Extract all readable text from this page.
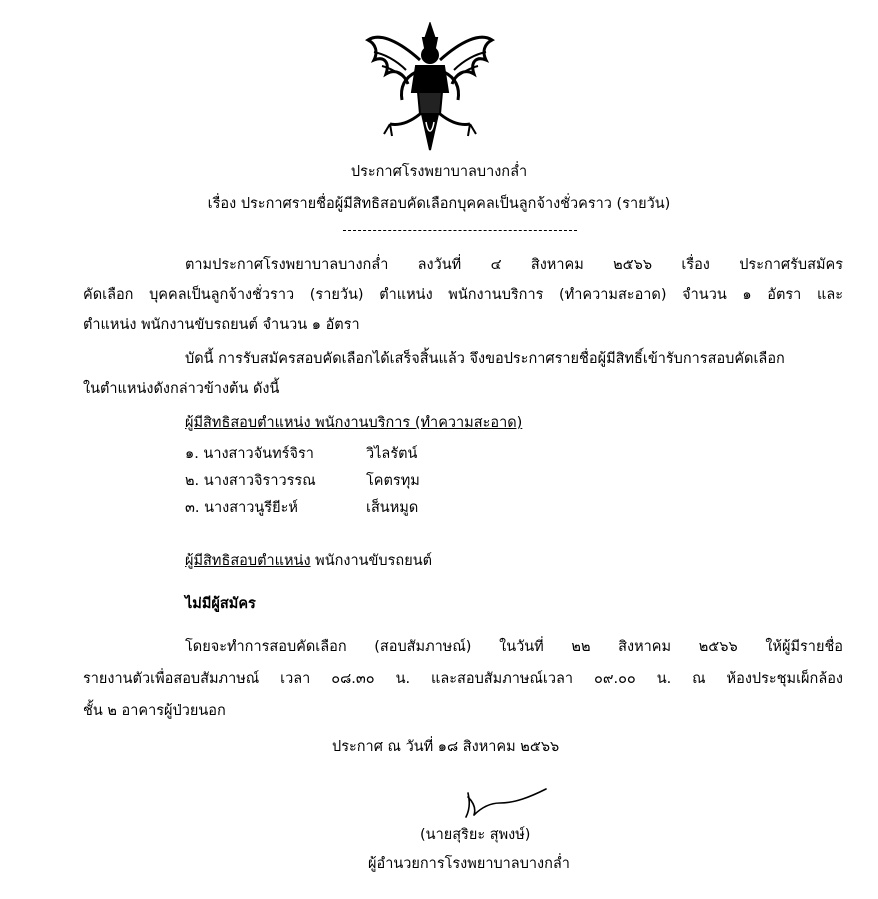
ประกาศโรงพยาบาลบางกล่ำ
เรื่อง ประกาศรายชื่อผู้มีสิทธิสอบคัดเลือกบุคคลเป็นลูกจ้างชั่วคราว (รายวัน)
ตามประกาศโรงพยาบาลบางกล่ำ ลงวันที่ ๔ สิงหาคม ๒๕๖๖ เรื่อง ประกาศรับสมัคร
คัดเลือก บุคคลเป็นลูกจ้างชั่วราว (รายวัน) ตำแหน่ง พนักงานบริการ (ทำความสะอาด) จำนวน ๑ อัตรา และ
ตำแหน่ง พนักงานขับรถยนต์ จำนวน ๑ อัตรา
บัดนี้ การรับสมัครสอบคัดเลือกได้เสร็จสิ้นแล้ว จึงขอประกาศรายชื่อผู้มีสิทธิ์เข้ารับการสอบคัดเลือก
ในตำแหน่งดังกล่าวข้างต้น ดังนี้
ผู้มีสิทธิสอบตำแหน่ง พนักงานบริการ (ทำความสะอาด)
๑. นางสาวจันทร์จิรา	วิไลรัตน์
๒. นางสาวจิราวรรณ	โคตรทุม
๓. นางสาวนูรียีะห์	เส็นหมูด
ผู้มีสิทธิสอบตำแหน่ง พนักงานขับรถยนต์
ไม่มีผู้สมัคร
โดยจะทำการสอบคัดเลือก (สอบสัมภาษณ์) ในวันที่ ๒๒ สิงหาคม ๒๕๖๖ ให้ผู้มีรายชื่อ
รายงานตัวเพื่อสอบสัมภาษณ์ เวลา ๐๘.๓๐ น. และสอบสัมภาษณ์เวลา ๐๙.๐๐ น. ณ ห้องประชุมเผ็กล้อง
ชั้น ๒ อาคารผู้ป่วยนอก
ประกาศ ณ วันที่ ๑๘ สิงหาคม ๒๕๖๖
(นายสุริยะ สุพงษ์)
ผู้อำนวยการโรงพยาบาลบางกล่ำ
